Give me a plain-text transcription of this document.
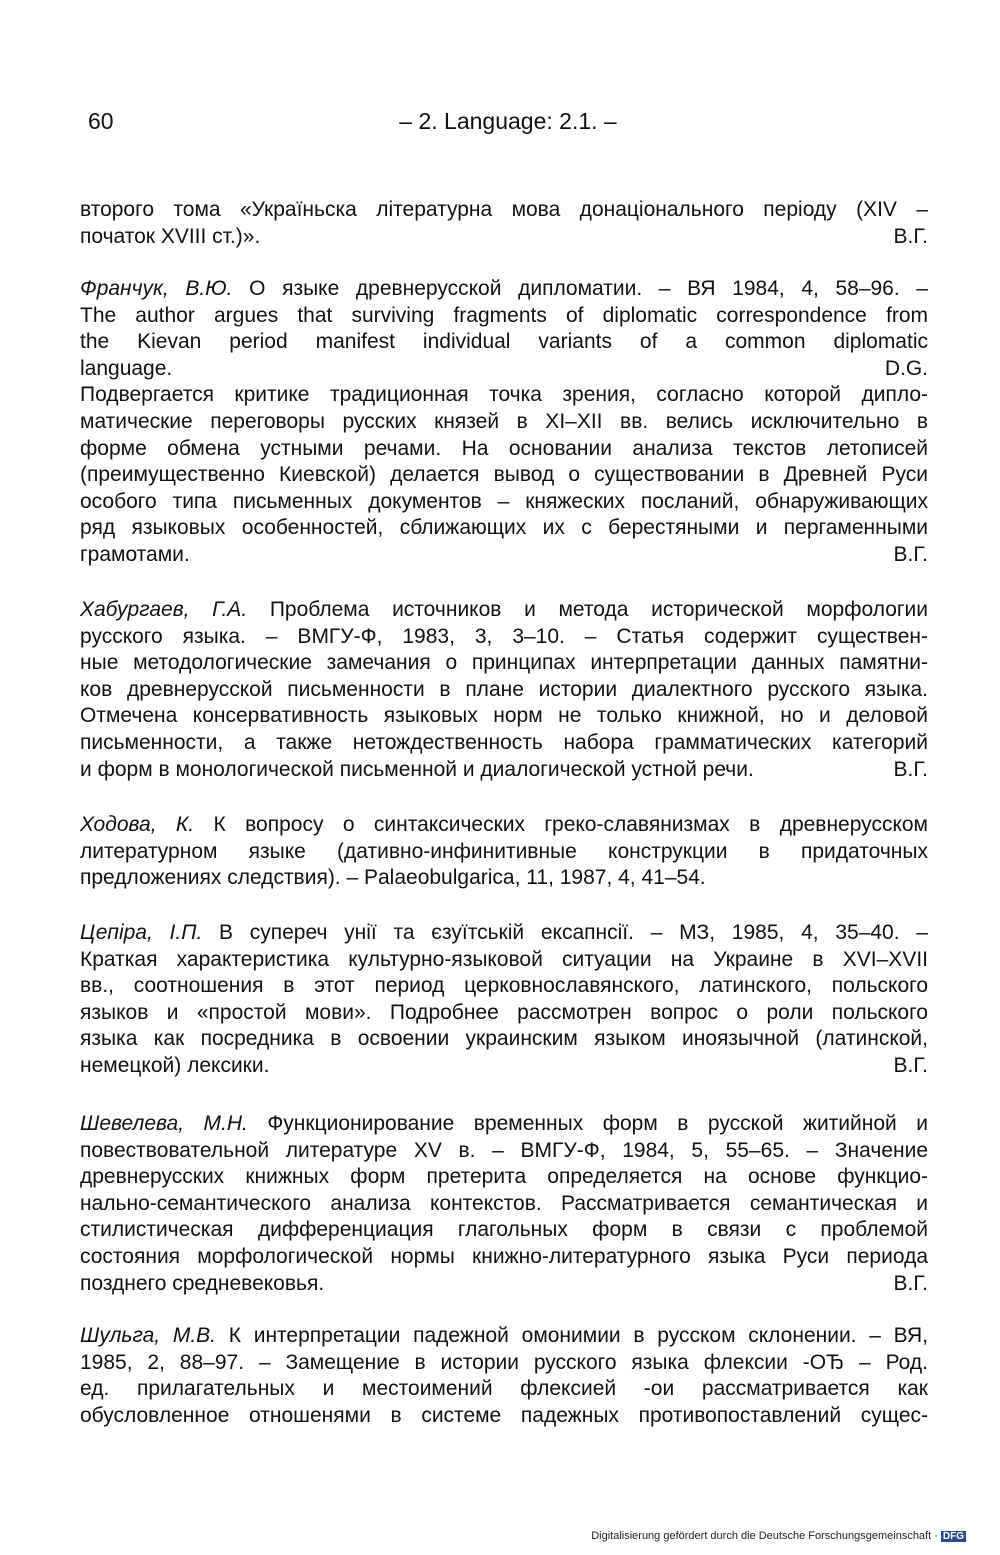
60	– 2. Language: 2.1. –
второго тома «Україньска літературна мова донаціонального періоду (XIV –
початок XVIII ст.)».	В.Г.
Франчук, В.Ю. О языке древнерусской дипломатии. – ВЯ 1984, 4, 58–96. –
The author argues that surviving fragments of diplomatic correspondence from
the Kievan period manifest individual variants of a common diplomatic
language.	D.G.
Подвергается критике традиционная точка зрения, согласно которой дипло-
матические переговоры русских князей в XI–XII вв. велись исключительно в
форме обмена устными речами. На основании анализа текстов летописей
(преимущественно Киевской) делается вывод о существовании в Древней Руси
особого типа письменных документов – княжеских посланий, обнаруживающих
ряд языковых особенностей, сближающих их с берестяными и пергаменными
грамотами.	В.Г.
Хабургаев, Г.А. Проблема источников и метода исторической морфологии
русского языка. – ВМГУ-Ф, 1983, 3, 3–10. – Статья содержит существен-
ные методологические замечания о принципах интерпретации данных памятни-
ков древнерусской письменности в плане истории диалектного русского языка.
Отмечена консервативность языковых норм не только книжной, но и деловой
письменности, а также нетождественность набора грамматических категорий
и форм в монологической письменной и диалогической устной речи.	В.Г.
Ходова, К. К вопросу о синтаксических греко-славянизмах в древнерусском
литературном языке (дативно-инфинитивные конструкции в придаточных
предложениях следствия). – Palaeobulgarica, 11, 1987, 4, 41–54.
Цепіра, І.П. В супереч унії та єзуїтській ексапнсії. – МЗ, 1985, 4, 35–40. –
Краткая характеристика культурно-языковой ситуации на Украине в XVI–XVII
вв., соотношения в этот период церковнославянского, латинского, польского
языков и «простой мови». Подробнее рассмотрен вопрос о роли польского
языка как посредника в освоении украинским языком иноязычной (латинской,
немецкой) лексики.	В.Г.
Шевелева, М.Н. Функционирование временных форм в русской житийной и
повествовательной литературе XV в. – ВМГУ-Ф, 1984, 5, 55–65. – Значение
древнерусских книжных форм претерита определяется на основе функцио-
нально-семантического анализа контекстов. Рассматривается семантическая и
стилистическая дифференциация глагольных форм в связи с проблемой
состояния морфологической нормы книжно-литературного языка Руси периода
позднего средневековья.	В.Г.
Шульга, М.В. К интерпретации падежной омонимии в русском склонении. – ВЯ,
1985, 2, 88–97. – Замещение в истории русского языка флексии -ОЂ – Род.
ед. прилагательных и местоимений флексией -ои рассматривается как
обусловленное отношенями в системе падежных противопоставлений сущес-
Digitalisierung gefördert durch die Deutsche Forschungsgemeinschaft · DFG
